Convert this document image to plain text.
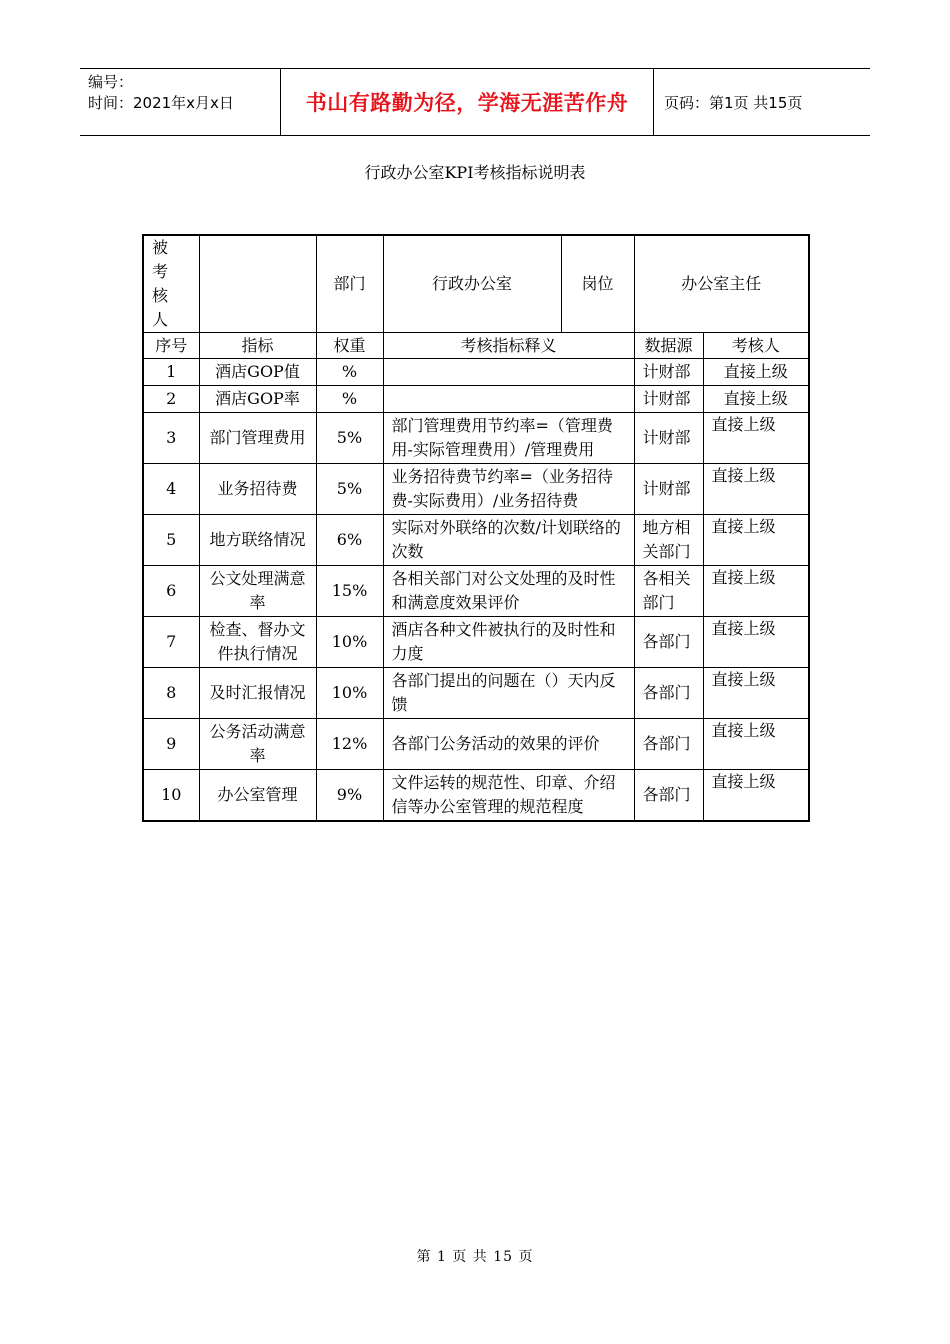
编号：
时间：2021年x月x日	书山有路勤为径，学海无涯苦作舟	页码：第1页 共15页
行政办公室KPI考核指标说明表
被考核人		部门	行政办公室	岗位	办公室主任	
序号	指标	权重	考核指标释义		数据源	考核人
1	酒店GOP值	%			计财部	直接上级
2	酒店GOP率	%			计财部	直接上级
3	部门管理费用	5%	部门管理费用节约率=（管理费用-实际管理费用）/管理费用		计财部	直接上级
4	业务招待费	5%	业务招待费节约率=（业务招待费-实际费用）/业务招待费		计财部	直接上级
5	地方联络情况	6%	实际对外联络的次数/计划联络的次数		地方相关部门	直接上级
6	公文处理满意率	15%	各相关部门对公文处理的及时性和满意度效果评价		各相关部门	直接上级
7	检查、督办文件执行情况	10%	酒店各种文件被执行的及时性和力度		各部门	直接上级
8	及时汇报情况	10%	各部门提出的问题在（）天内反馈		各部门	直接上级
9	公务活动满意率	12%	各部门公务活动的效果的评价		各部门	直接上级
10	办公室管理	9%	文件运转的规范性、印章、介绍信等办公室管理的规范程度		各部门	直接上级
第 1 页 共 15 页
